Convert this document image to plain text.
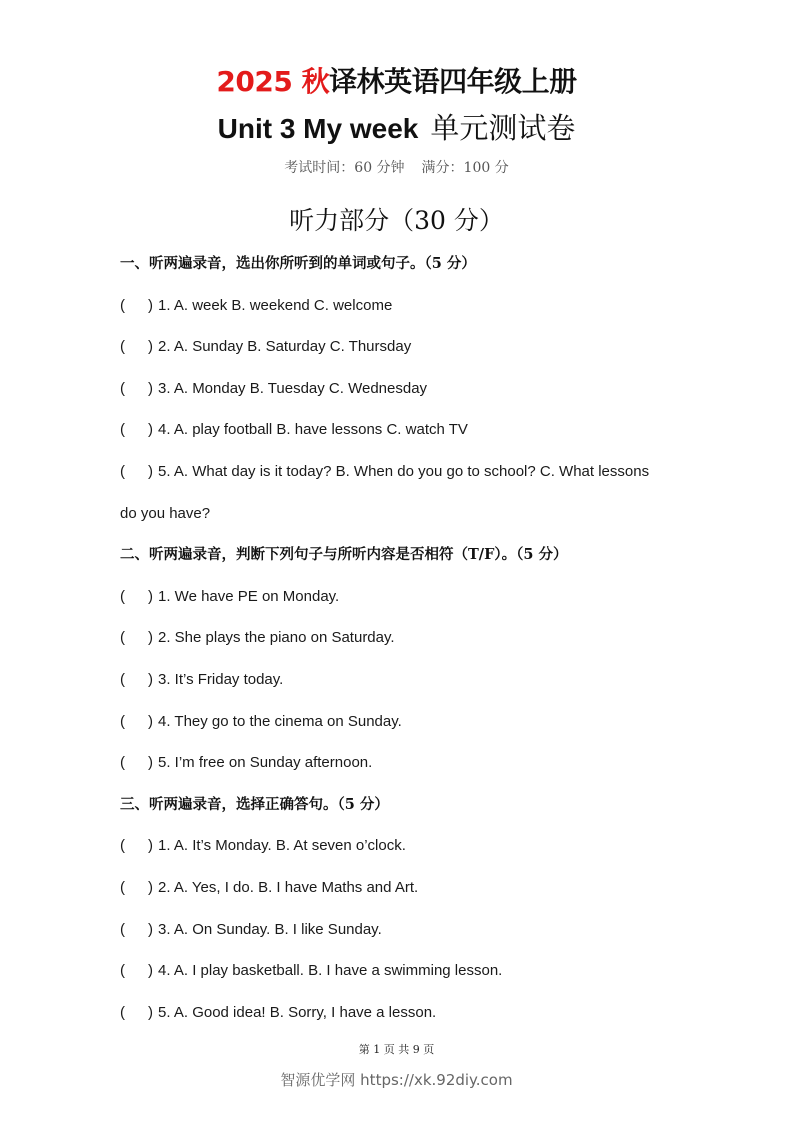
2025 秋译林英语四年级上册
Unit 3 My week 单元测试卷
考试时间：60 分钟 满分：100 分
听力部分（30 分）
一、听两遍录音，选出你所听到的单词或句子。（5 分）
( ) 1. A. week B. weekend C. welcome
( ) 2. A. Sunday B. Saturday C. Thursday
( ) 3. A. Monday B. Tuesday C. Wednesday
( ) 4. A. play football B. have lessons C. watch TV
( ) 5. A. What day is it today? B. When do you go to school? C. What lessons
do you have?
二、听两遍录音，判断下列句子与所听内容是否相符（T/F）。（5 分）
( ) 1. We have PE on Monday.
( ) 2. She plays the piano on Saturday.
( ) 3. It’s Friday today.
( ) 4. They go to the cinema on Sunday.
( ) 5. I’m free on Sunday afternoon.
三、听两遍录音，选择正确答句。（5 分）
( ) 1. A. It’s Monday. B. At seven o’clock.
( ) 2. A. Yes, I do. B. I have Maths and Art.
( ) 3. A. On Sunday. B. I like Sunday.
( ) 4. A. I play basketball. B. I have a swimming lesson.
( ) 5. A. Good idea! B. Sorry, I have a lesson.
第 1 页 共 9 页
智源优学网 https://xk.92diy.com
